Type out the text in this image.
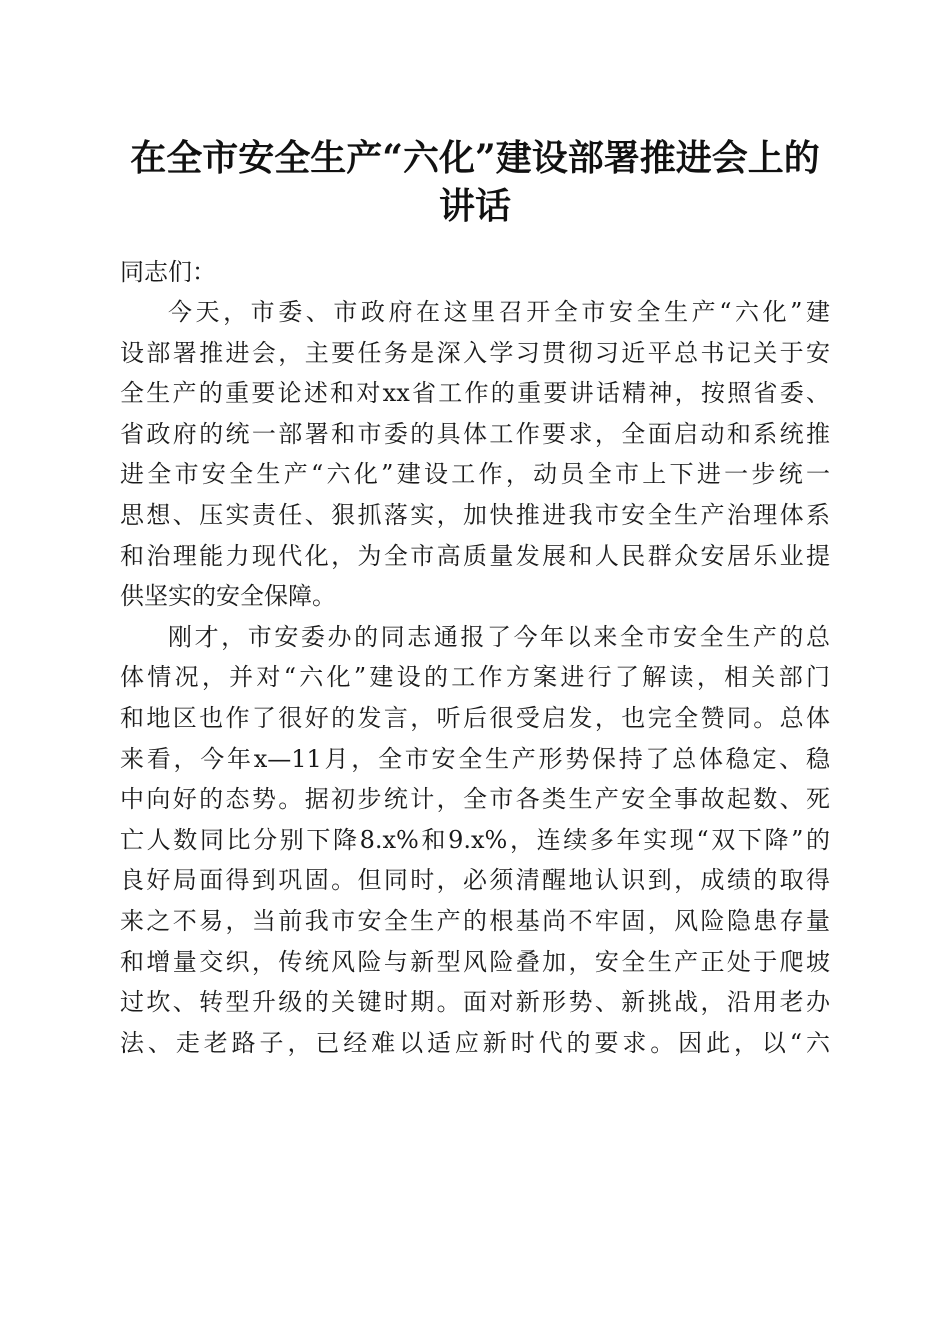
在全市安全生产“六化”建设部署推进会上的
讲话

同志们：

今天，市委、市政府在这里召开全市安全生产“六化”建
设部署推进会，主要任务是深入学习贯彻习近平总书记关于安
全生产的重要论述和对xx省工作的重要讲话精神，按照省委、
省政府的统一部署和市委的具体工作要求，全面启动和系统推
进全市安全生产“六化”建设工作，动员全市上下进一步统一
思想、压实责任、狠抓落实，加快推进我市安全生产治理体系
和治理能力现代化，为全市高质量发展和人民群众安居乐业提
供坚实的安全保障。
刚才，市安委办的同志通报了今年以来全市安全生产的总
体情况，并对“六化”建设的工作方案进行了解读，相关部门
和地区也作了很好的发言，听后很受启发，也完全赞同。总体
来看，今年x—11月，全市安全生产形势保持了总体稳定、稳
中向好的态势。据初步统计，全市各类生产安全事故起数、死
亡人数同比分别下降8.x%和9.x%，连续多年实现“双下降”的
良好局面得到巩固。但同时，必须清醒地认识到，成绩的取得
来之不易，当前我市安全生产的根基尚不牢固，风险隐患存量
和增量交织，传统风险与新型风险叠加，安全生产正处于爬坡
过坎、转型升级的关键时期。面对新形势、新挑战，沿用老办
法、走老路子，已经难以适应新时代的要求。因此，以“六
